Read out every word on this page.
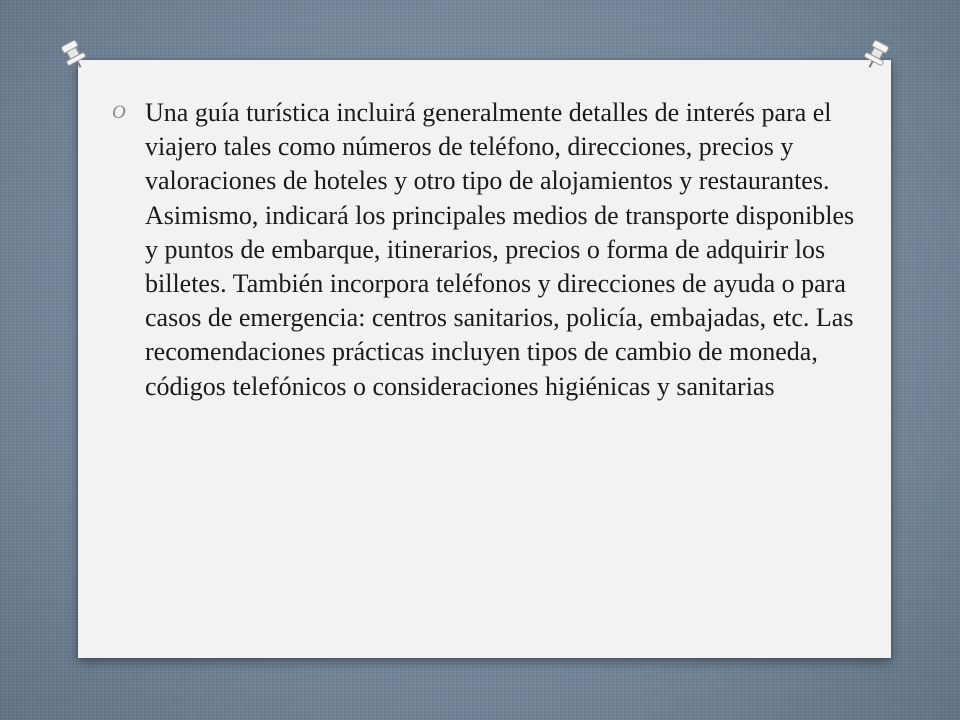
O Una guía turística incluirá generalmente detalles de interés para el viajero tales como números de teléfono, direcciones, precios y valoraciones de hoteles y otro tipo de alojamientos y restaurantes. Asimismo, indicará los principales medios de transporte disponibles y puntos de embarque, itinerarios, precios o forma de adquirir los billetes. También incorpora teléfonos y direcciones de ayuda o para casos de emergencia: centros sanitarios, policía, embajadas, etc. Las recomendaciones prácticas incluyen tipos de cambio de moneda, códigos telefónicos o consideraciones higiénicas y sanitarias
